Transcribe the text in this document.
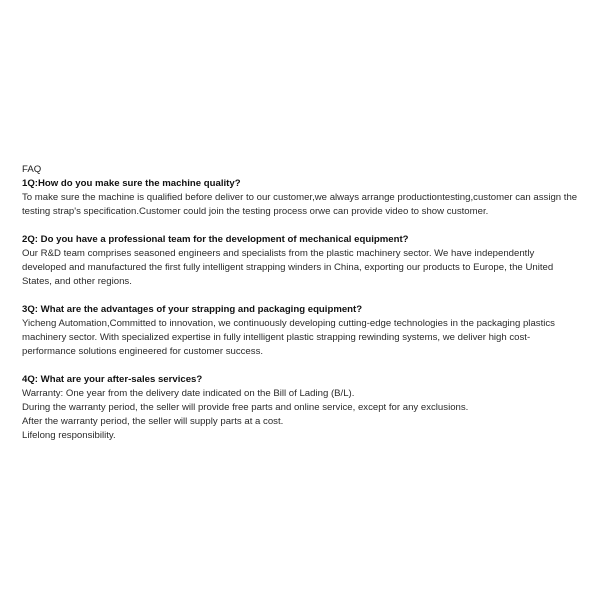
FAQ

1Q:How do you make sure the machine quality?

To make sure the machine is qualified before deliver to our customer,we always arrange productiontesting,customer can assign the testing strap's specification.Customer could join the testing process orwe can provide video to show customer.

2Q: Do you have a professional team for the development of mechanical equipment?

Our R&D team comprises seasoned engineers and specialists from the plastic machinery sector. We have independently developed and manufactured the first fully intelligent strapping winders in China, exporting our products to Europe, the United States, and other regions.

3Q: What are the advantages of your strapping and packaging equipment?

Yicheng Automation,Committed to innovation, we continuously developing cutting-edge technologies in the packaging plastics machinery sector. With specialized expertise in fully intelligent plastic strapping rewinding systems, we deliver high cost-performance solutions engineered for customer success.

4Q: What are your after-sales services?

Warranty: One year from the delivery date indicated on the Bill of Lading (B/L).
During the warranty period, the seller will provide free parts and online service, except for any exclusions.
After the warranty period, the seller will supply parts at a cost.
Lifelong responsibility.
